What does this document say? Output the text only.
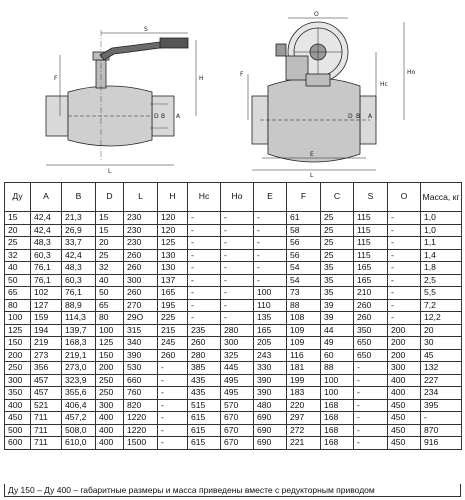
S
F	H
D B A
L
O
Hc
Ho
F
D B A
E
L
Ду	A	B	D	L	H	Hc	Ho	E	F	C	S	O	Масса, кг
15	42,4	21,3	15	230	120	-	-	-	61	25	115	-	1,0
20	42,4	26,9	15	230	120	-	-	-	58	25	115	-	1,0
25	48,3	33,7	20	230	125	-	-	-	56	25	115	-	1,1
32	60,3	42,4	25	260	130	-	-	-	56	25	115	-	1,4
40	76,1	48,3	32	260	130	-	-	-	54	35	165	-	1,8
50	76,1	60,3	40	300	137	-	-	-	54	35	165	-	2,5
65	102	76,1	50	260	165	-	-	100	73	35	210	-	5,5
80	127	88,9	65	270	195	-	-	110	88	39	260	-	7,2
100	159	114,3	80	29O	225	-	-	135	108	39	260	-	12,2
125	194	139,7	100	315	215	235	280	165	109	44	350	200	20
150	219	168,3	125	340	245	260	300	205	109	49	650	200	30
200	273	219,1	150	390	260	280	325	243	116	60	650	200	45
250	356	273,0	200	530	-	385	445	330	181	88	-	300	132
300	457	323,9	250	660	-	435	495	390	199	100	-	400	227
350	457	355,6	250	760	-	435	495	390	183	100	-	400	234
400	521	406,4	300	820	-	515	570	480	220	168	-	450	395
450	711	457,2	400	1220	-	615	670	690	297	168	-	450	-
500	711	508,0	400	1220	-	615	670	690	272	168	-	450	870
600	711	610,0	400	1500	-	615	670	690	221	168	-	450	916
Ду 150 – Ду 400 – габаритные размеры и масса приведены вместе с редукторным приводом
